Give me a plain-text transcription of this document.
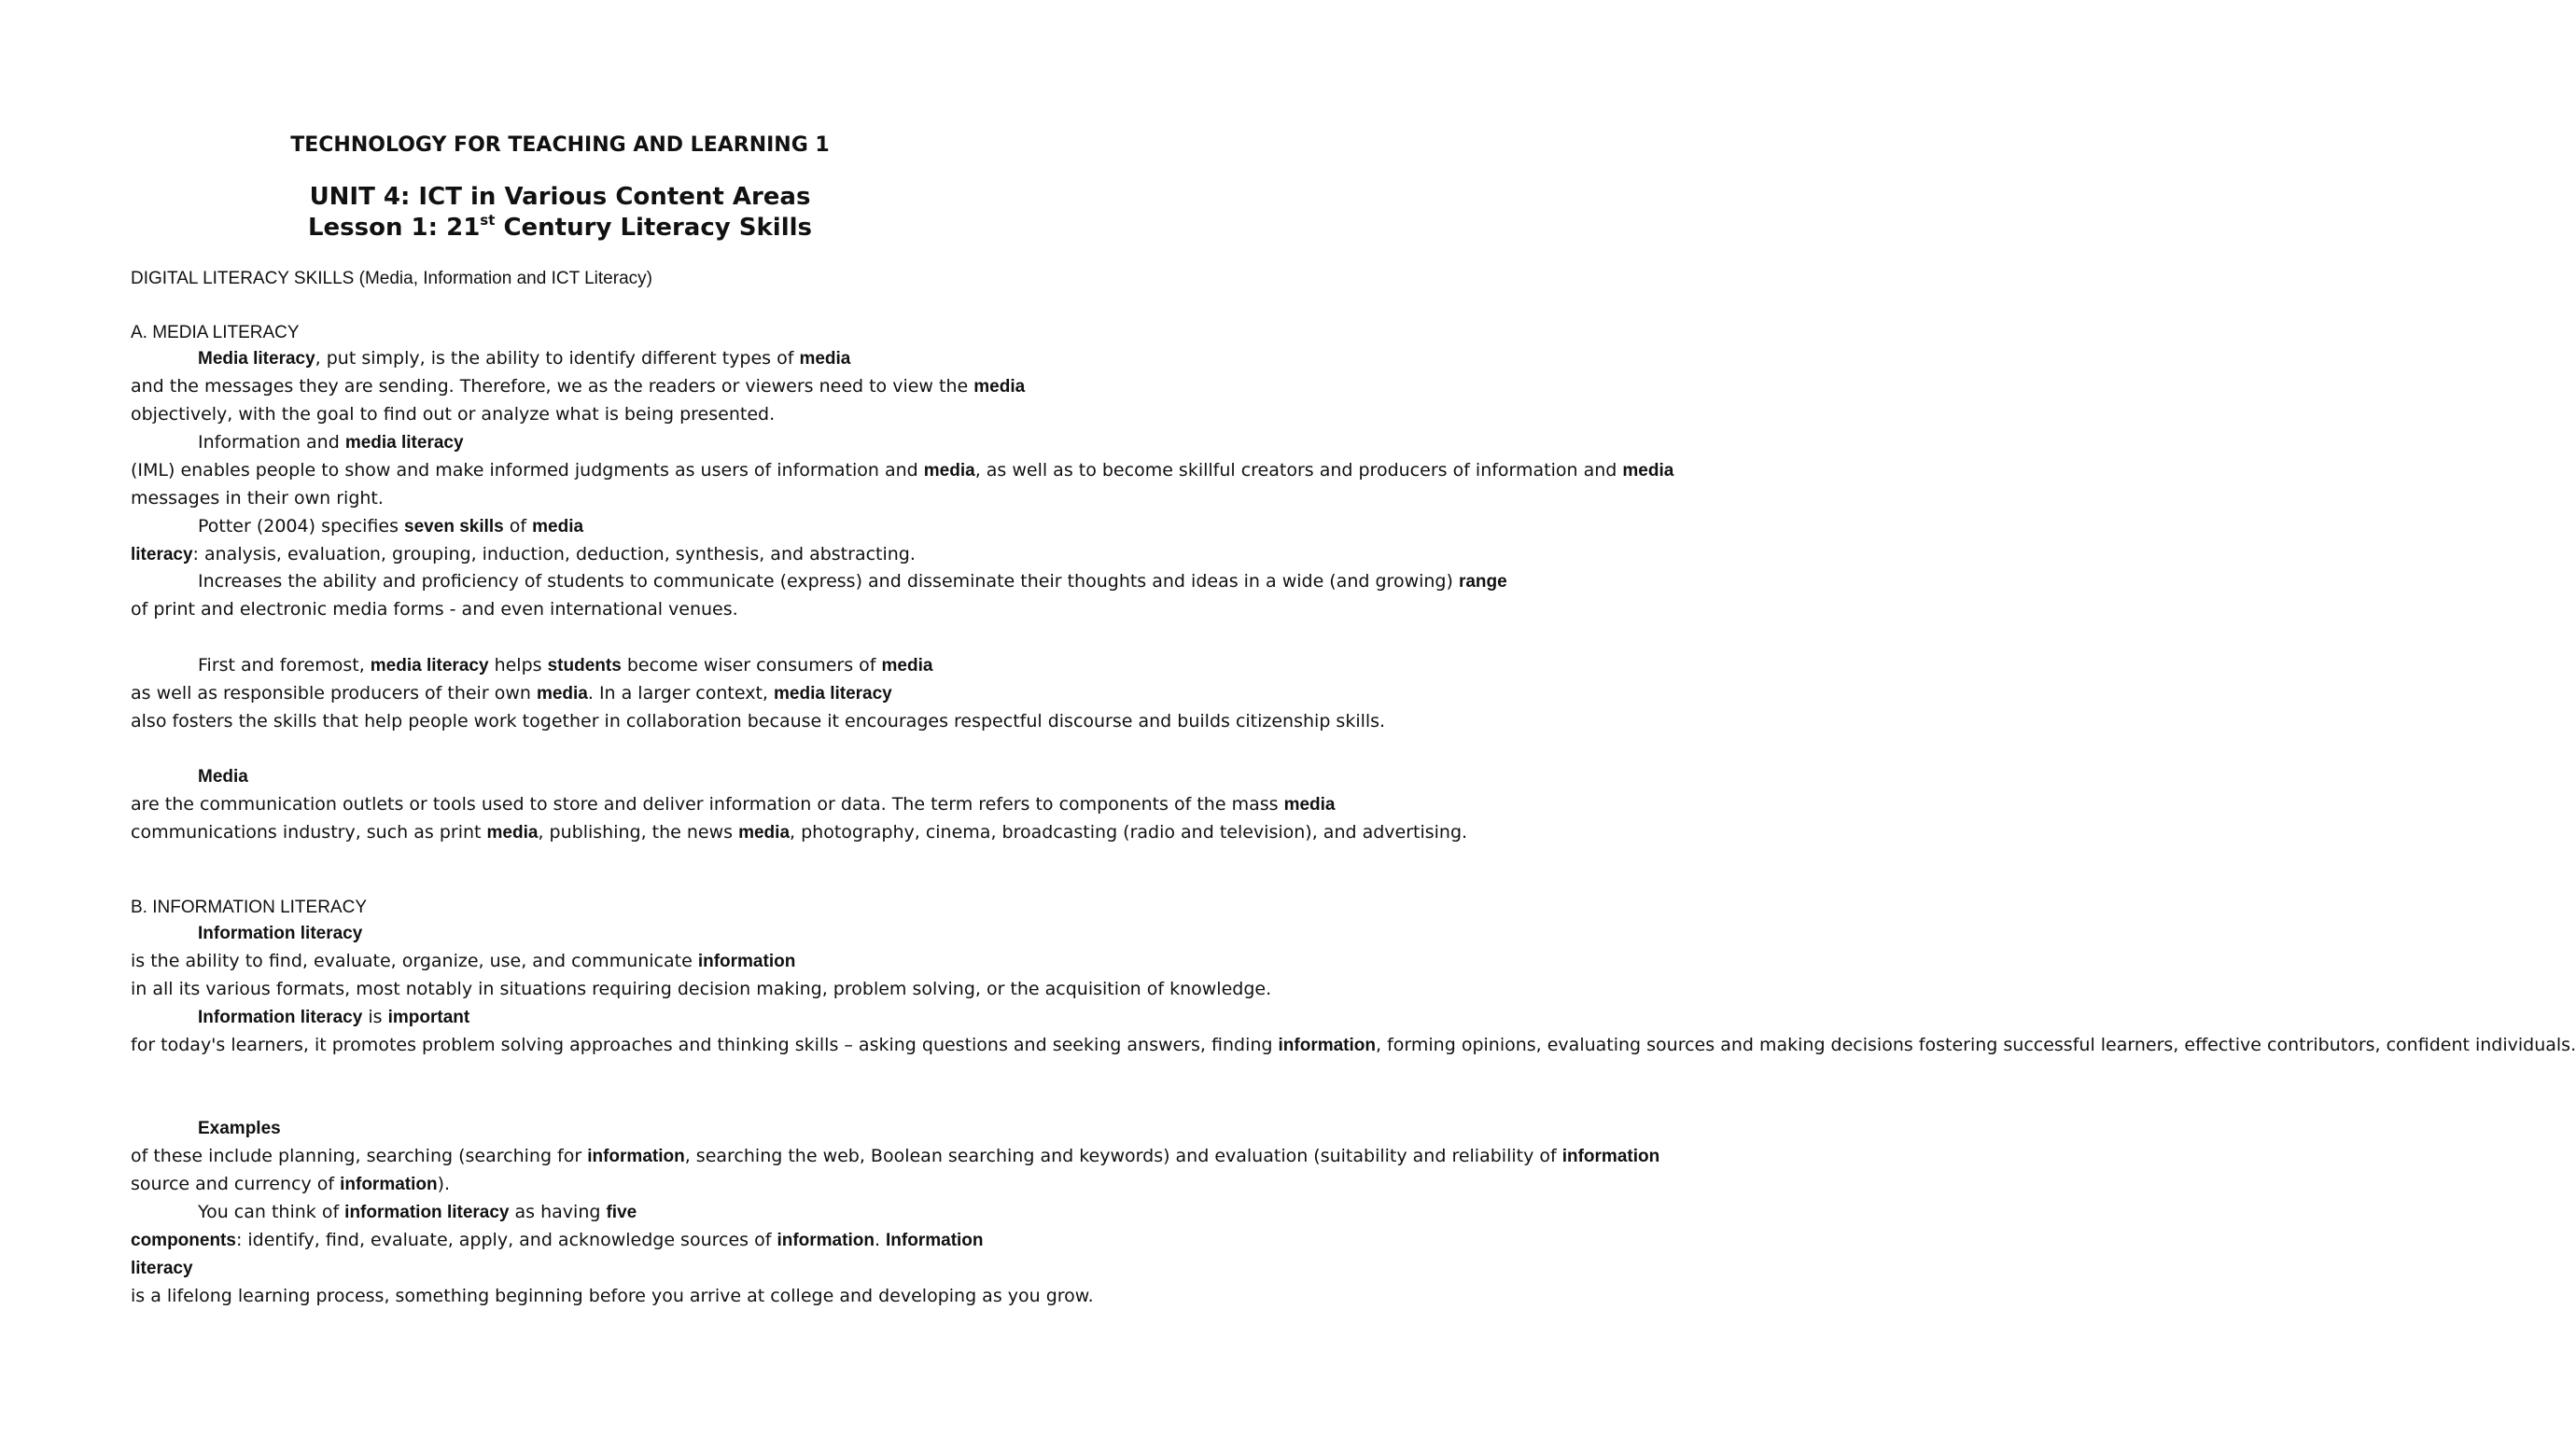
TECHNOLOGY FOR TEACHING AND LEARNING 1
UNIT 4: ICT in Various Content Areas
Lesson 1: 21st Century Literacy Skills
DIGITAL LITERACY SKILLS (Media, Information and ICT Literacy)
A. MEDIA LITERACY
Media literacy, put simply, is the ability to identify different types of media and the messages they are sending. Therefore, we as the readers or viewers need to view the media objectively, with the goal to find out or analyze what is being presented.
Information and media literacy (IML) enables people to show and make informed judgments as users of information and media, as well as to become skillful creators and producers of information and media messages in their own right.
Potter (2004) specifies seven skills of media literacy: analysis, evaluation, grouping, induction, deduction, synthesis, and abstracting.
Increases the ability and proficiency of students to communicate (express) and disseminate their thoughts and ideas in a wide (and growing) range of print and electronic media forms - and even international venues.
First and foremost, media literacy helps students become wiser consumers of media as well as responsible producers of their own media. In a larger context, media literacy also fosters the skills that help people work together in collaboration because it encourages respectful discourse and builds citizenship skills.
Media are the communication outlets or tools used to store and deliver information or data. The term refers to components of the mass media communications industry, such as print media, publishing, the news media, photography, cinema, broadcasting (radio and television), and advertising.
B. INFORMATION LITERACY
Information literacy is the ability to find, evaluate, organize, use, and communicate information in all its various formats, most notably in situations requiring decision making, problem solving, or the acquisition of knowledge.
Information literacy is important for today's learners, it promotes problem solving approaches and thinking skills – asking questions and seeking answers, finding information, forming opinions, evaluating sources and making decisions fostering successful learners, effective contributors, confident individuals.
Examples of these include planning, searching (searching for information, searching the web, Boolean searching and keywords) and evaluation (suitability and reliability of information source and currency of information).
You can think of information literacy as having five components: identify, find, evaluate, apply, and acknowledge sources of information. Information literacy is a lifelong learning process, something beginning before you arrive at college and developing as you grow.
